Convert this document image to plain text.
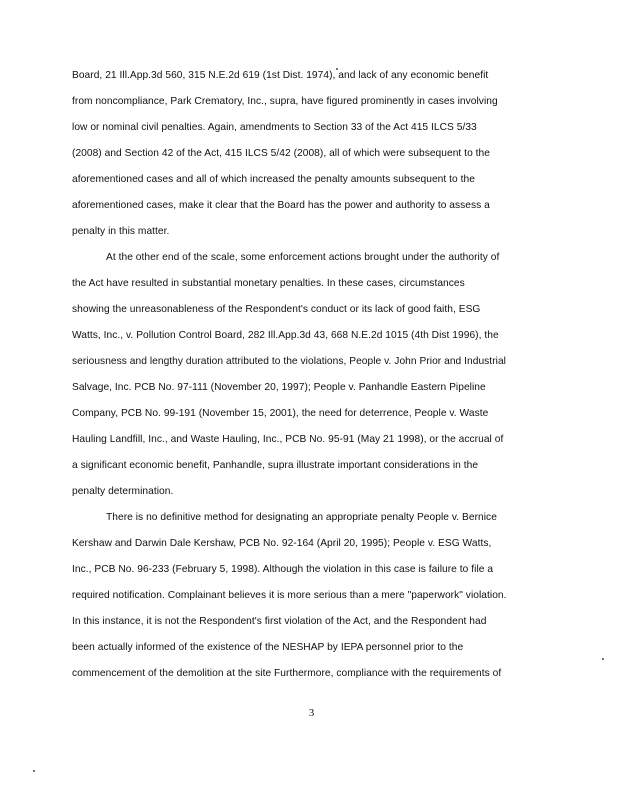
Board, 21 Ill.App.3d 560, 315 N.E.2d 619 (1st Dist. 1974), and lack of any economic benefit
from noncompliance, Park Crematory, Inc., supra, have figured prominently in cases involving
low or nominal civil penalties. Again, amendments to Section 33 of the Act 415 ILCS 5/33
(2008) and Section 42 of the Act, 415 ILCS 5/42 (2008), all of which were subsequent to the
aforementioned cases and all of which increased the penalty amounts subsequent to the
aforementioned cases, make it clear that the Board has the power and authority to assess a
penalty in this matter.
At the other end of the scale, some enforcement actions brought under the authority of
the Act have resulted in substantial monetary penalties. In these cases, circumstances
showing the unreasonableness of the Respondent's conduct or its lack of good faith, ESG
Watts, Inc., v. Pollution Control Board, 282 Ill.App.3d 43, 668 N.E.2d 1015 (4th Dist 1996), the
seriousness and lengthy duration attributed to the violations, People v. John Prior and Industrial
Salvage, Inc. PCB No. 97-111 (November 20, 1997); People v. Panhandle Eastern Pipeline
Company, PCB No. 99-191 (November 15, 2001), the need for deterrence, People v. Waste
Hauling Landfill, Inc., and Waste Hauling, Inc., PCB No. 95-91 (May 21 1998), or the accrual of
a significant economic benefit, Panhandle, supra illustrate important considerations in the
penalty determination.
There is no definitive method for designating an appropriate penalty People v. Bernice
Kershaw and Darwin Dale Kershaw, PCB No. 92-164 (April 20, 1995); People v. ESG Watts,
Inc., PCB No. 96-233 (February 5, 1998). Although the violation in this case is failure to file a
required notification. Complainant believes it is more serious than a mere "paperwork" violation.
In this instance, it is not the Respondent's first violation of the Act, and the Respondent had
been actually informed of the existence of the NESHAP by IEPA personnel prior to the
commencement of the demolition at the site Furthermore, compliance with the requirements of
3
